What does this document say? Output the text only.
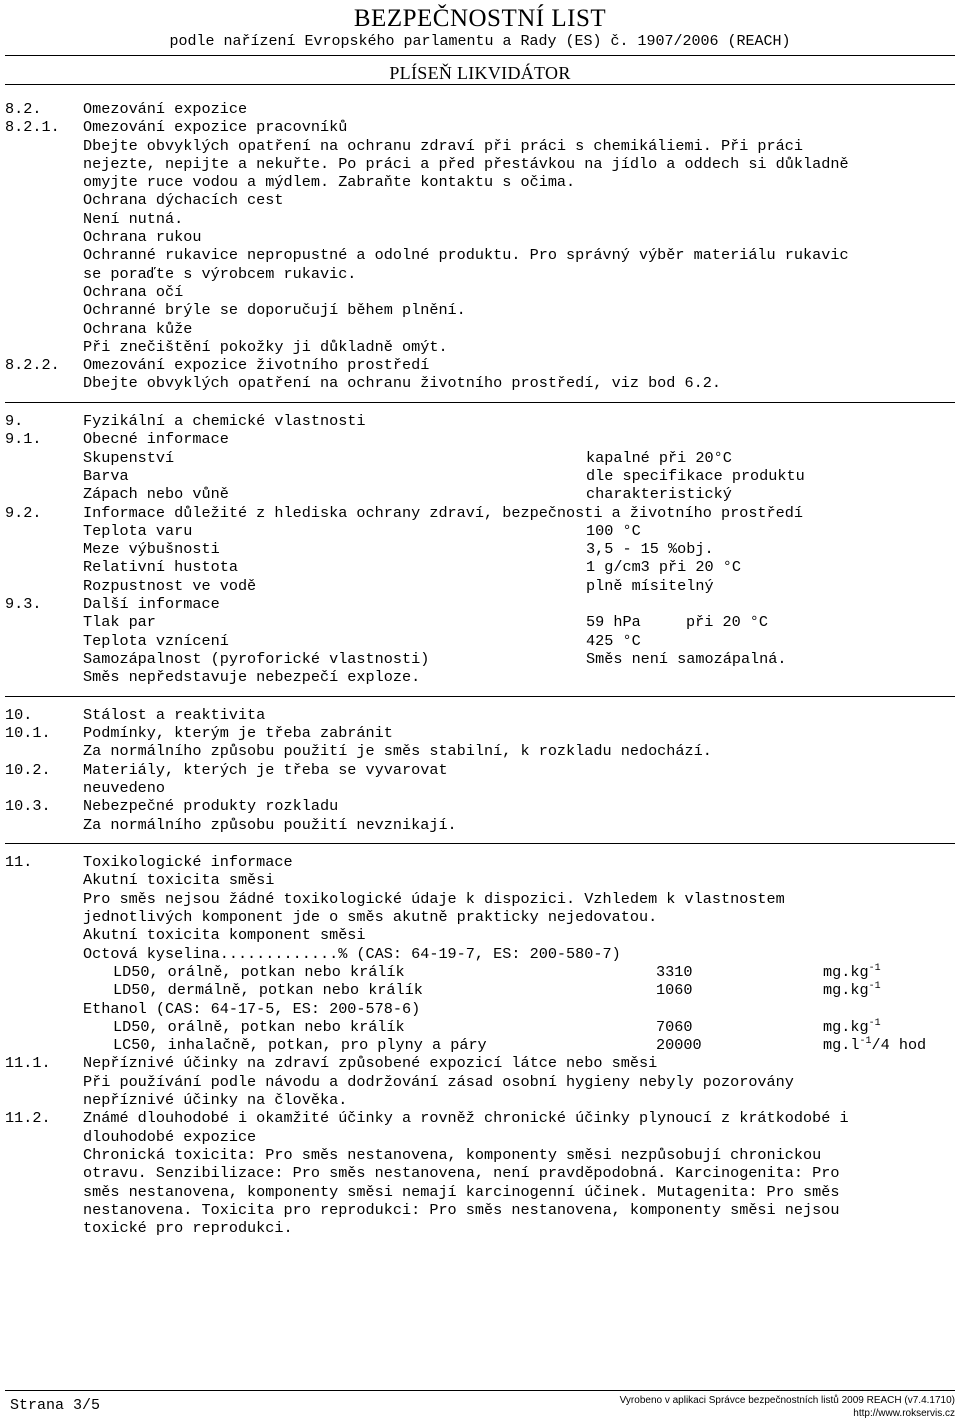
BEZPEČNOSTNÍ LIST
podle nařízení Evropského parlamentu a Rady (ES) č. 1907/2006 (REACH)
PLÍSEŇ LIKVIDÁTOR
8.2.	Omezování expozice
8.2.1. Omezování expozice pracovníků
Dbejte obvyklých opatření na ochranu zdraví při práci s chemikáliemi. Při práci
nejezte, nepijte a nekuřte. Po práci a před přestávkou na jídlo a oddech si důkladně
omyjte ruce vodou a mýdlem. Zabraňte kontaktu s očima.
Ochrana dýchacích cest
Není nutná.
Ochrana rukou
Ochranné rukavice nepropustné a odolné produktu. Pro správný výběr materiálu rukavic
se poraďte s výrobcem rukavic.
Ochrana očí
Ochranné brýle se doporučují během plnění.
Ochrana kůže
Při znečištění pokožky ji důkladně omýt.
8.2.2. Omezování expozice životního prostředí
Dbejte obvyklých opatření na ochranu životního prostředí, viz bod 6.2.
9.	Fyzikální a chemické vlastnosti
9.1.	Obecné informace
Skupenství	kapalné při 20°C
Barva	dle specifikace produktu
Zápach nebo vůně	charakteristický
9.2.	Informace důležité z hlediska ochrany zdraví, bezpečnosti a životního prostředí
Teplota varu	100 °C
Meze výbušnosti	3,5 - 15 %obj.
Relativní hustota	1 g/cm3 při 20 °C
Rozpustnost ve vodě	plně mísitelný
9.3.	Další informace
Tlak par	59 hPa	při 20 °C
Teplota vznícení	425 °C
Samozápalnost (pyroforické vlastnosti)	Směs není samozápalná.
Směs nepředstavuje nebezpečí exploze.
10.	Stálost a reaktivita
10.1. Podmínky, kterým je třeba zabránit
Za normálního způsobu použití je směs stabilní, k rozkladu nedochází.
10.2. Materiály, kterých je třeba se vyvarovat
neuvedeno
10.3. Nebezpečné produkty rozkladu
Za normálního způsobu použití nevznikají.
11.	Toxikologické informace
Akutní toxicita směsi
Pro směs nejsou žádné toxikologické údaje k dispozici. Vzhledem k vlastnostem
jednotlivých komponent jde o směs akutně prakticky nejedovatou.
Akutní toxicita komponent směsi
Octová kyselina.............% (CAS: 64-19-7, ES: 200-580-7)
LD50, orálně, potkan nebo králík	3310	$mg.kg^{-1}$
LD50, dermálně, potkan nebo králík	1060	$mg.kg^{-1}$
Ethanol (CAS: 64-17-5, ES: 200-578-6)
LD50, orálně, potkan nebo králík	7060	$mg.kg^{-1}$
LC50, inhalačně, potkan, pro plyny a páry	20000	$mg.l^{-1}/4$ hod
11.1. Nepříznivé účinky na zdraví způsobené expozicí látce nebo směsi
Při používání podle návodu a dodržování zásad osobní hygieny nebyly pozorovány
nepříznivé účinky na člověka.
11.2. Známé dlouhodobé i okamžité účinky a rovněž chronické účinky plynoucí z krátkodobé i
dlouhodobé expozice
Chronická toxicita: Pro směs nestanovena, komponenty směsi nezpůsobují chronickou
otravu. Senzibilizace: Pro směs nestanovena, není pravděpodobná. Karcinogenita: Pro
směs nestanovena, komponenty směsi nemají karcinogenní účinek. Mutagenita: Pro směs
nestanovena. Toxicita pro reprodukci: Pro směs nestanovena, komponenty směsi nejsou
toxické pro reprodukci.
Strana 3/5	Vyrobeno v aplikaci Správce bezpečnostních listů 2009 REACH (v7.4.1710)
http://www.rokservis.cz
